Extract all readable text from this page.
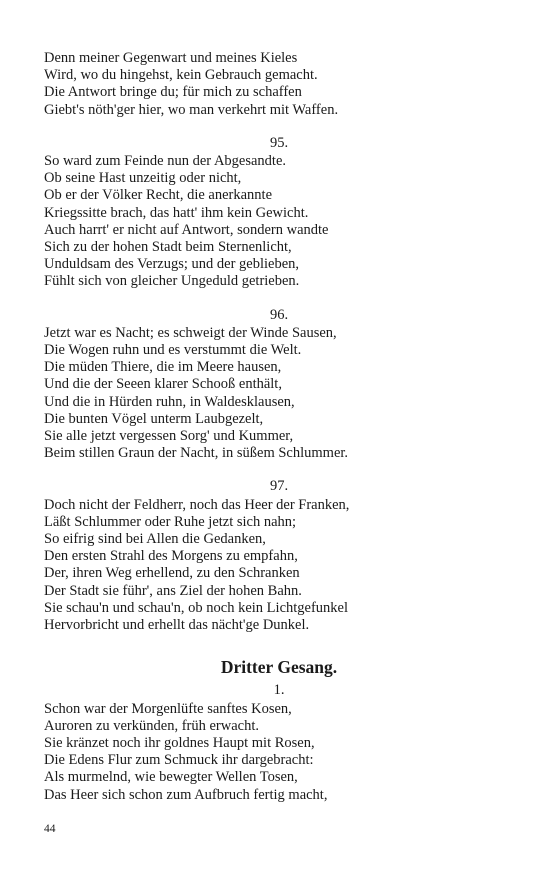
Denn meiner Gegenwart und meines Kieles

Wird, wo du hingehst, kein Gebrauch gemacht.

Die Antwort bringe du; für mich zu schaffen

Giebt's nöth'ger hier, wo man verkehrt mit Waffen.

95.

So ward zum Feinde nun der Abgesandte.

Ob seine Hast unzeitig oder nicht,

Ob er der Völker Recht, die anerkannte

Kriegssitte brach, das hatt' ihm kein Gewicht.

Auch harrt' er nicht auf Antwort, sondern wandte

Sich zu der hohen Stadt beim Sternenlicht,

Unduldsam des Verzugs; und der geblieben,

Fühlt sich von gleicher Ungeduld getrieben.

96.

Jetzt war es Nacht; es schweigt der Winde Sausen,

Die Wogen ruhn und es verstummt die Welt.

Die müden Thiere, die im Meere hausen,

Und die der Seeen klarer Schooß enthält,

Und die in Hürden ruhn, in Waldesklausen,

Die bunten Vögel unterm Laubgezelt,

Sie alle jetzt vergessen Sorg' und Kummer,

Beim stillen Graun der Nacht, in süßem Schlummer.

97.

Doch nicht der Feldherr, noch das Heer der Franken,

Läßt Schlummer oder Ruhe jetzt sich nahn;

So eifrig sind bei Allen die Gedanken,

Den ersten Strahl des Morgens zu empfahn,

Der, ihren Weg erhellend, zu den Schranken

Der Stadt sie führ', ans Ziel der hohen Bahn.

Sie schau'n und schau'n, ob noch kein Lichtgefunkel

Hervorbricht und erhellt das nächt'ge Dunkel.

Dritter Gesang.

1.

Schon war der Morgenlüfte sanftes Kosen,

Auroren zu verkünden, früh erwacht.

Sie kränzet noch ihr goldnes Haupt mit Rosen,

Die Edens Flur zum Schmuck ihr dargebracht:

Als murmelnd, wie bewegter Wellen Tosen,

Das Heer sich schon zum Aufbruch fertig macht,

44
